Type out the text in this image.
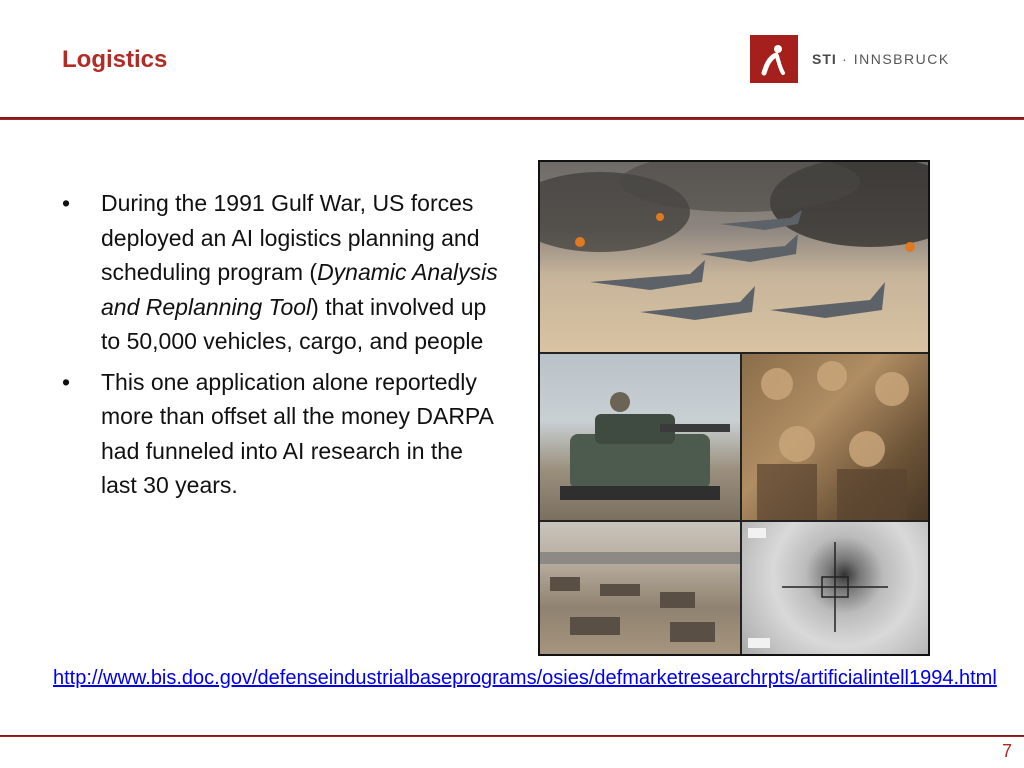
Logistics	STI · INNSBRUCK
• During the 1991 Gulf War, US forces deployed an AI logistics planning and scheduling program (Dynamic Analysis and Replanning Tool) that involved up to 50,000 vehicles, cargo, and people
• This one application alone reportedly more than offset all the money DARPA had funneled into AI research in the last 30 years.
http://www.bis.doc.gov/defenseindustrialbaseprograms/osies/defmarketresearchrpts/artificialintell1994.html
7
